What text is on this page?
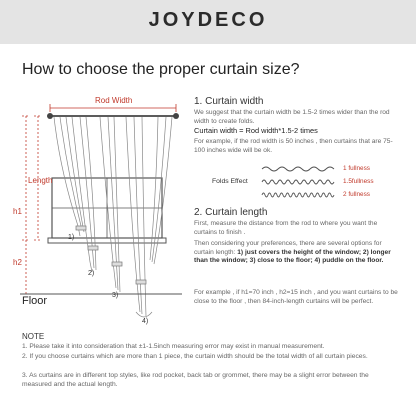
JOYDECO
How to choose the proper curtain size?
Rod Width
Length
h1
h2
1)
2)
3)
4)
Floor
1. Curtain width

We suggest that the curtain width be 1.5-2 times wider than the rod width to create folds.

Curtain width = Rod width*1.5-2 times

For example, if the rod width is 50 inches , then curtains that are 75-100 inches wide will be ok.

Folds Effect
1 fullness
1.5fullness
2 fullness
2. Curtain length

First, measure the distance from the rod to where you want the curtains to finish .

Then considering your preferences, there are several options for curtain length: 1) just covers the height of the window; 2) longer than the window; 3) close to the floor; 4) puddle on the floor.

For example , if h1=70 inch , h2=15 inch , and you want curtains to be close to the floor , then 84-inch-length curtains will be perfect.

NOTE

1. Please take it into consideration that ±1-1.5inch measuring error may exist in manual measurement.

2. If you choose curtains which are more than 1 piece, the curtain width should be the total width of all curtain pieces.

3. As curtains are in different top styles, like rod pocket, back tab or grommet, there may be a slight error between the measured and the actual length.
